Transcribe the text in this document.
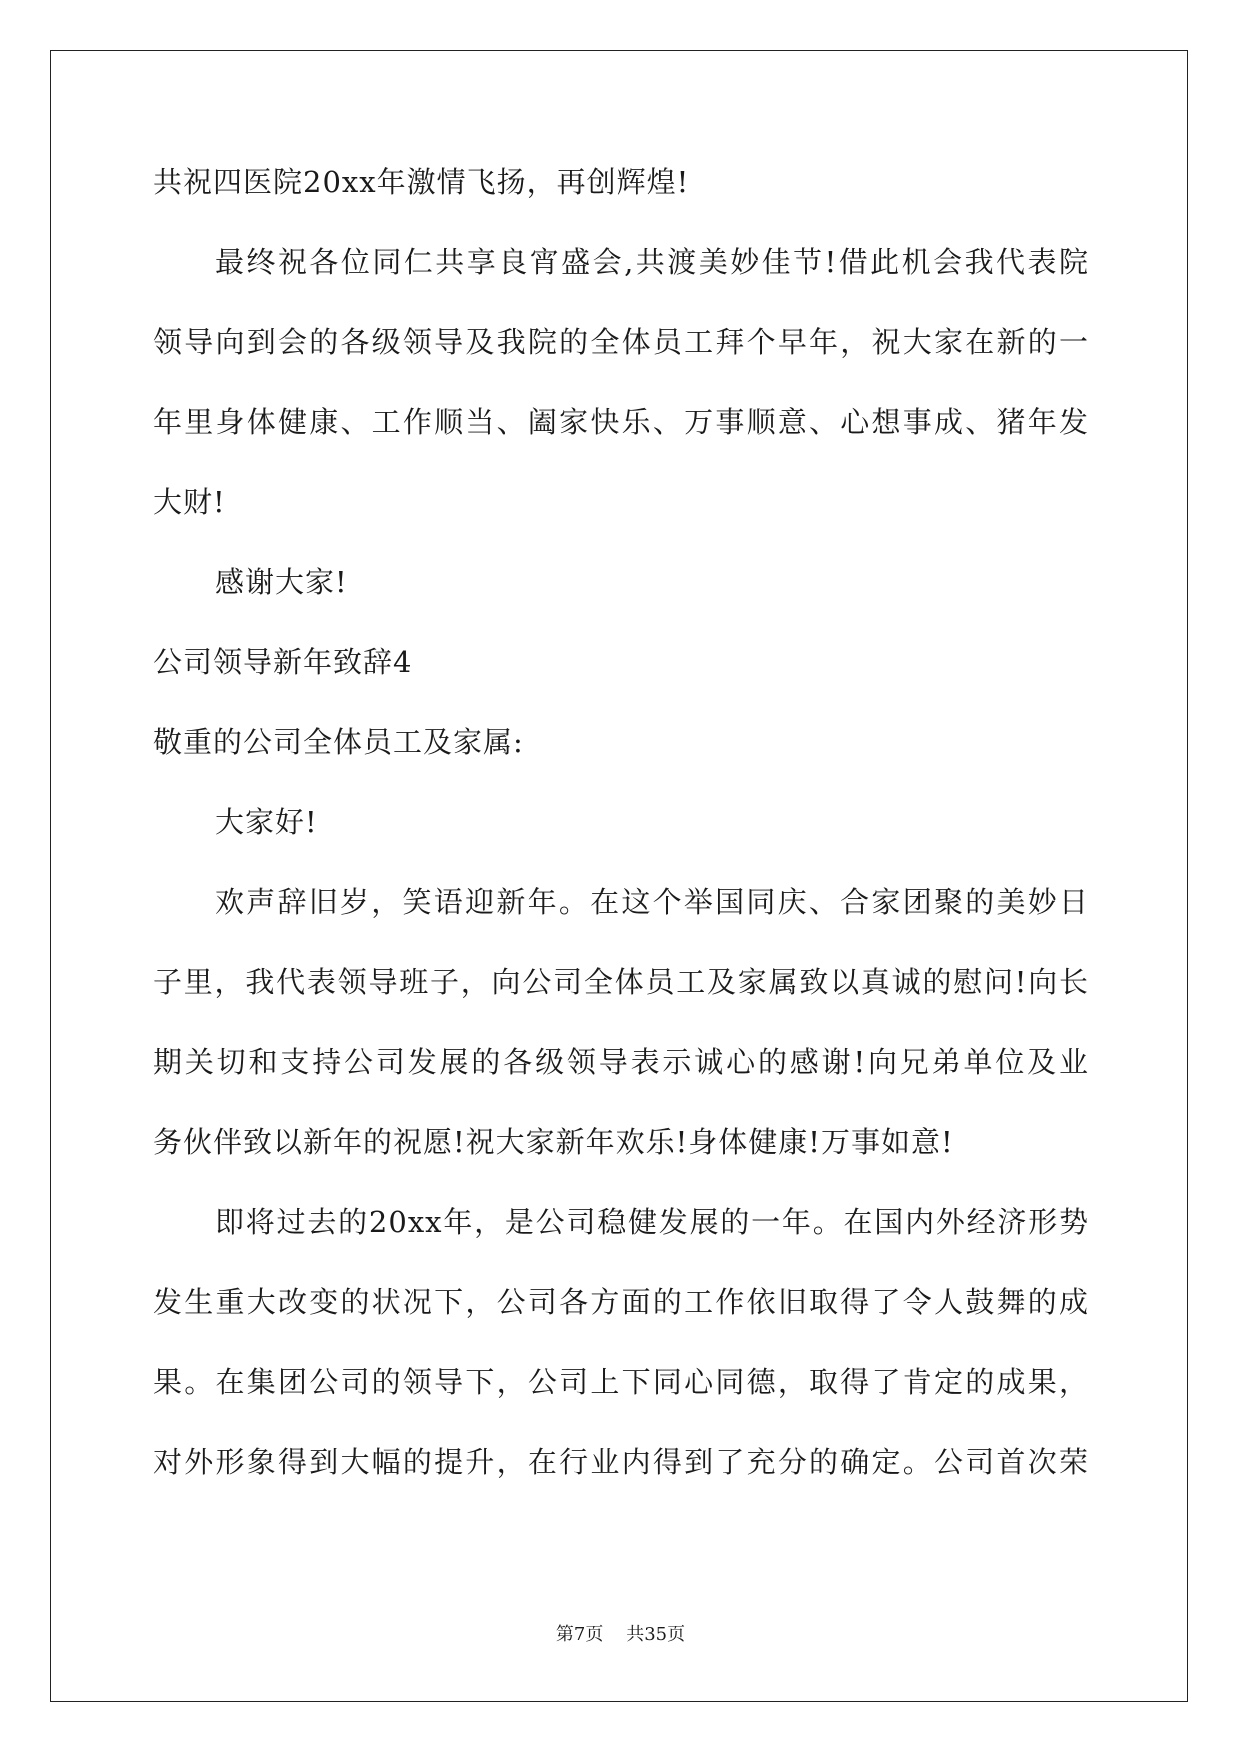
共祝四医院20xx年激情飞扬，再创辉煌!
最终祝各位同仁共享良宵盛会,共渡美妙佳节!借此机会我代表院
领导向到会的各级领导及我院的全体员工拜个早年，祝大家在新的一
年里身体健康、工作顺当、阖家快乐、万事顺意、心想事成、猪年发
大财!
感谢大家!
公司领导新年致辞4
敬重的公司全体员工及家属:
大家好!
欢声辞旧岁，笑语迎新年。在这个举国同庆、合家团聚的美妙日
子里，我代表领导班子，向公司全体员工及家属致以真诚的慰问!向长
期关切和支持公司发展的各级领导表示诚心的感谢!向兄弟单位及业
务伙伴致以新年的祝愿!祝大家新年欢乐!身体健康!万事如意!
即将过去的20xx年，是公司稳健发展的一年。在国内外经济形势
发生重大改变的状况下，公司各方面的工作依旧取得了令人鼓舞的成
果。在集团公司的领导下，公司上下同心同德，取得了肯定的成果，
对外形象得到大幅的提升，在行业内得到了充分的确定。公司首次荣
第7页 共35页
